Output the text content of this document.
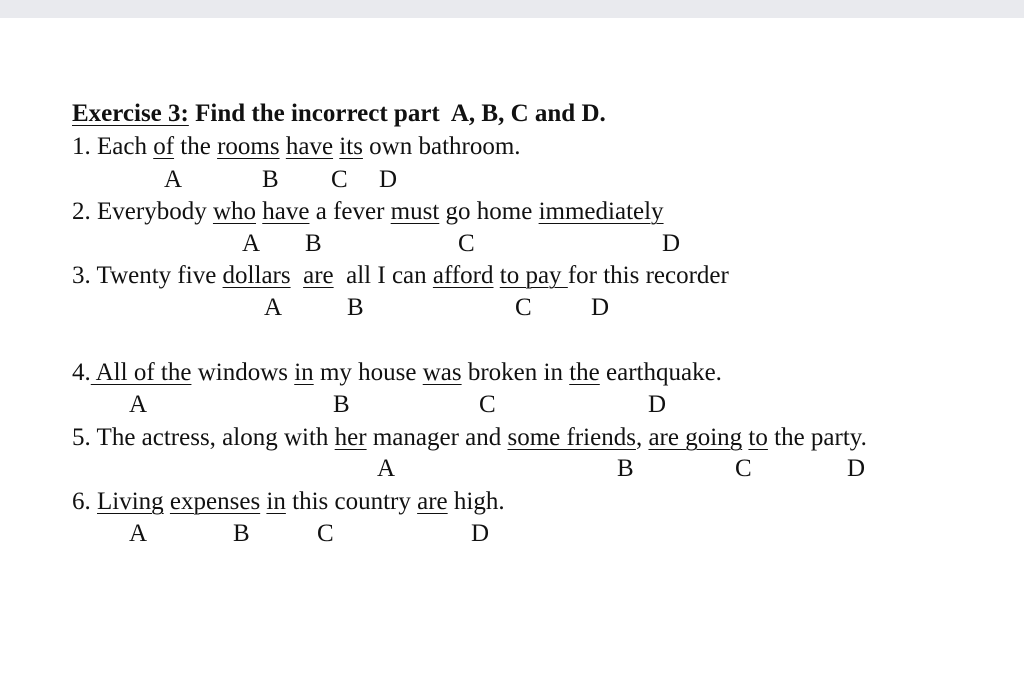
Exercise 3: Find the incorrect part  A, B, C and D.
1. Each of the rooms have its own bathroom.
A	B C D
2. Everybody who have a fever must go home immediately
A B	C	D
3. Twenty five dollars are  all I can afford to pay for this recorder
A	B	C D
4. All of the windows in my house was broken in the earthquake.
A	B	C	D
5. The actress, along with her manager and some friends, are going to the party.
A	B	C	D
6. Living expenses in this country are high.
A	B	C	D
